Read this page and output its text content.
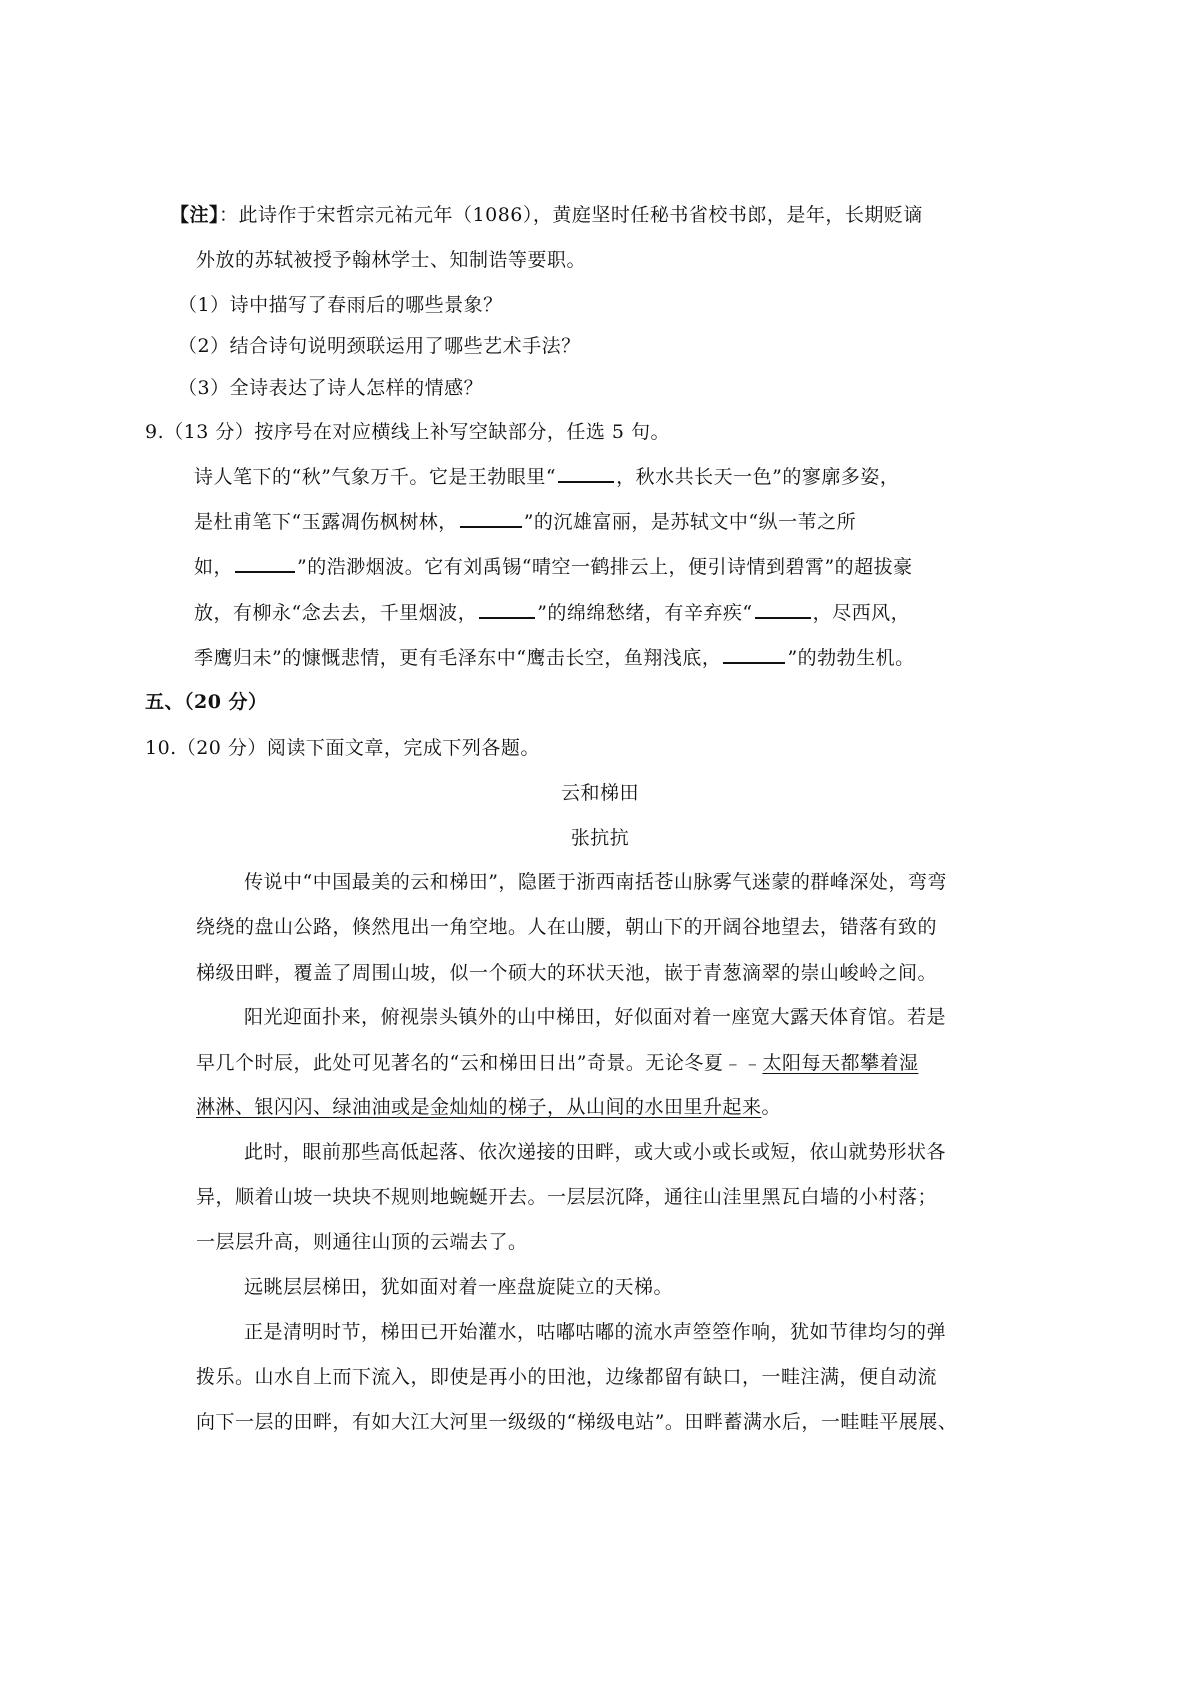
【注】：此诗作于宋哲宗元祐元年（1086），黄庭坚时任秘书省校书郎，是年，长期贬谪
外放的苏轼被授予翰林学士、知制诰等要职。
（1）诗中描写了春雨后的哪些景象？
（2）结合诗句说明颈联运用了哪些艺术手法？
（3）全诗表达了诗人怎样的情感？
9.（13 分）按序号在对应横线上补写空缺部分，任选 5 句。
诗人笔下的“秋”气象万千。它是王勃眼里“	，秋水共长天一色”的寥廓多姿，
是杜甫笔下“玉露凋伤枫树林，	”的沉雄富丽，是苏轼文中“纵一苇之所
如，	”的浩渺烟波。它有刘禹锡“晴空一鹤排云上，便引诗情到碧霄”的超拔豪
放，有柳永“念去去，千里烟波，	”的绵绵愁绪，有辛弃疾“	，尽西风，
季鹰归未”的慷慨悲情，更有毛泽东中“鹰击长空，鱼翔浅底，	”的勃勃生机。
五、（20 分）
10.（20 分）阅读下面文章，完成下列各题。
云和梯田
张抗抗
传说中“中国最美的云和梯田”，隐匿于浙西南括苍山脉雾气迷蒙的群峰深处，弯弯
绕绕的盘山公路，倏然甩出一角空地。人在山腰，朝山下的开阔谷地望去，错落有致的
梯级田畔，覆盖了周围山坡，似一个硕大的环状天池，嵌于青葱滴翠的崇山峻岭之间。
阳光迎面扑来，俯视崇头镇外的山中梯田，好似面对着一座宽大露天体育馆。若是
早几个时辰，此处可见著名的“云和梯田日出”奇景。无论冬夏﹣﹣太阳每天都攀着湿
淋淋、银闪闪、绿油油或是金灿灿的梯子，从山间的水田里升起来。
此时，眼前那些高低起落、依次递接的田畔，或大或小或长或短，依山就势形状各
异，顺着山坡一块块不规则地蜿蜒开去。一层层沉降，通往山洼里黑瓦白墙的小村落；
一层层升高，则通往山顶的云端去了。
远眺层层梯田，犹如面对着一座盘旋陡立的天梯。
正是清明时节，梯田已开始灌水，咕嘟咕嘟的流水声箜箜作响，犹如节律均匀的弹
拨乐。山水自上而下流入，即使是再小的田池，边缘都留有缺口，一畦注满，便自动流
向下一层的田畔，有如大江大河里一级级的“梯级电站”。田畔蓄满水后，一畦畦平展展、
